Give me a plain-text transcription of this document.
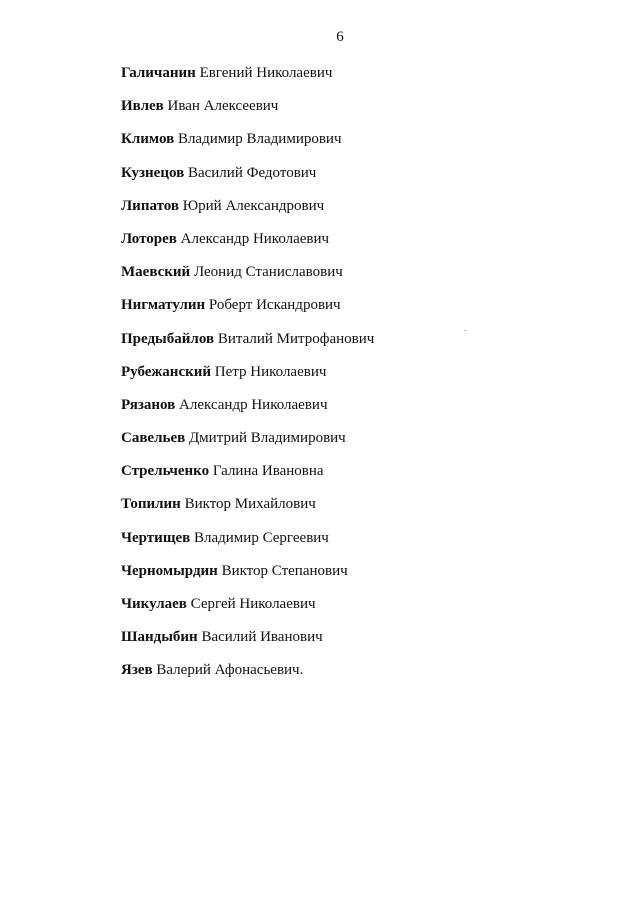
6
Галичанин Евгений Николаевич
Ивлев Иван Алексеевич
Климов Владимир Владимирович
Кузнецов Василий Федотович
Липатов Юрий Александрович
Лоторев Александр Николаевич
Маевский Леонид Станиславович
Нигматулин Роберт Искандрович
Предыбайлов Виталий Митрофанович
Рубежанский Петр Николаевич
Рязанов Александр Николаевич
Савельев Дмитрий Владимирович
Стрельченко Галина Ивановна
Топилин Виктор Михайлович
Чертищев Владимир Сергеевич
Черномырдин Виктор Степанович
Чикулаев Сергей Николаевич
Шандыбин Василий Иванович
Язев Валерий Афонасьевич.
